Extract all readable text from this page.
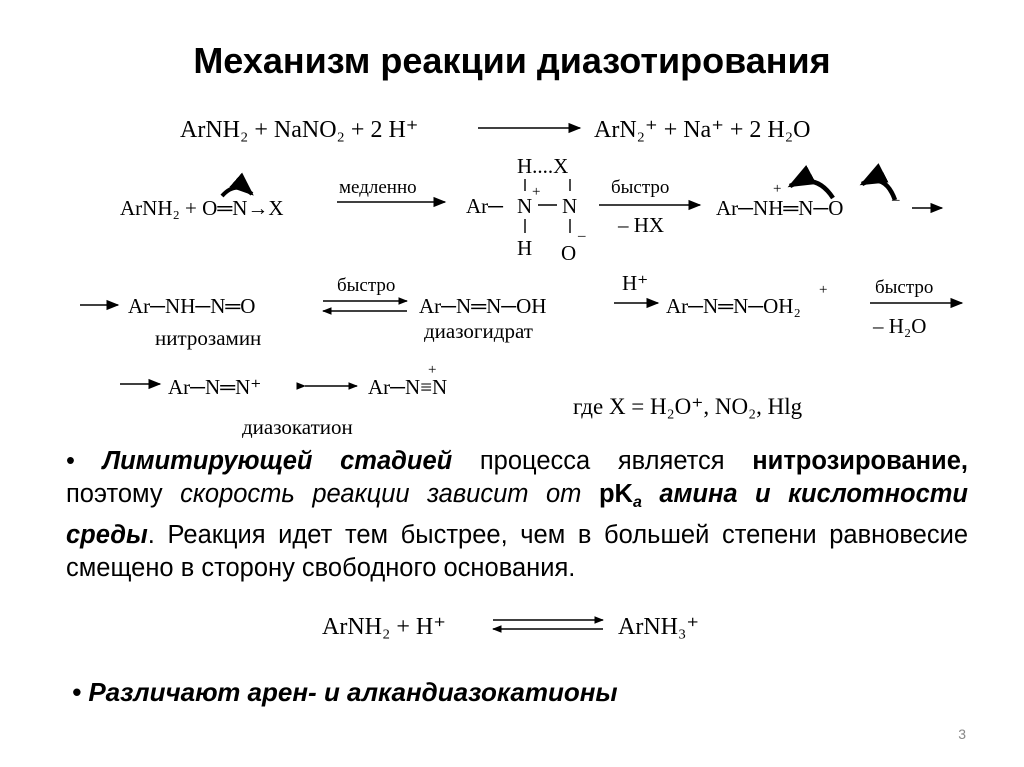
Механизм реакции диазотирования
ArNH₂ + NaNO₂ + 2 H⁺	ArN₂⁺ + Na⁺ + 2 H₂O
ArNH₂ + O═N→X
медленно
H....X
Ar─ N
+
N
H O
–
быстро
– HX
Ar─NH═N─O
+
–
Ar─NH─N═O
нитрозамин
быстро
Ar─N═N─OH
диазогидрат
H⁺
Ar─N═N─OH₂
+	быстро
– H₂O
Ar─N═N⁺	Ar─N≡N
+
диазокатион
где X = H₂O⁺, NO₂, Hlg
ArNH₂ + H⁺	ArNH₃⁺
• Лимитирующей стадией процесса является нитрозирование, поэтому скорость реакции зависит от $pK_a$ амина и кислотности среды. Реакция идет тем быстрее, чем в большей степени равновесие смещено в сторону свободного основания.
• Различают арен- и алкандиазокатионы
3
